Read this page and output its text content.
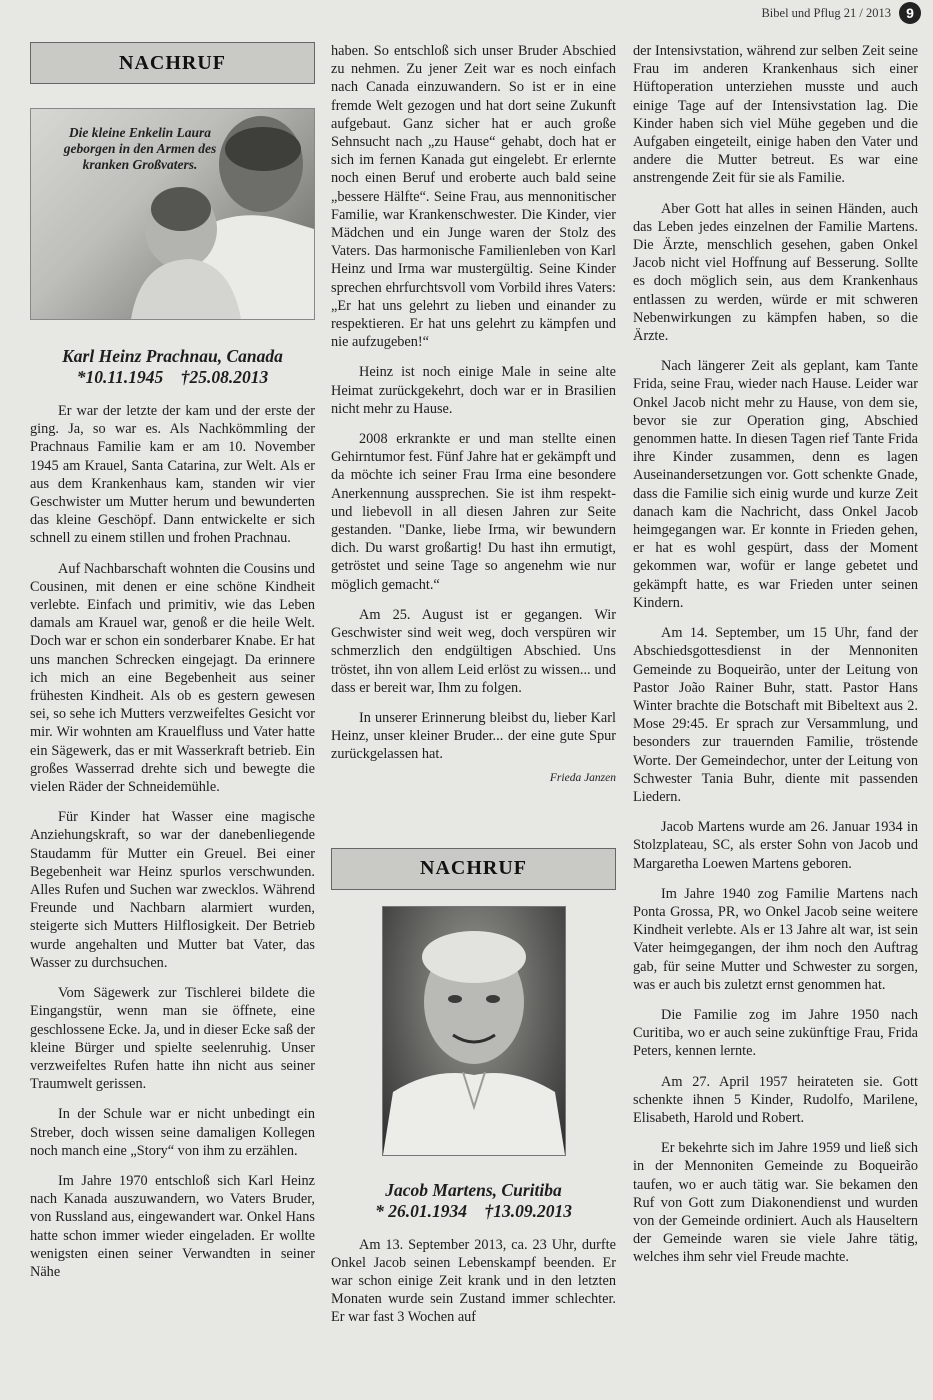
Bibel und Pflug 21 / 2013	9
NACHRUF
Die kleine Enkelin Laura geborgen in den Armen des kranken Großvaters.
Karl Heinz Prachnau, Canada
*10.11.1945    †25.08.2013

Er war der letzte der kam und der erste der ging. Ja, so war es. Als Nachkömmling der Prachnaus Familie kam er am 10. November 1945 am Krauel, Santa Catarina, zur Welt. Als er aus dem Krankenhaus kam, standen wir vier Geschwister um Mutter herum und bewunderten das kleine Geschöpf. Dann entwickelte er sich schnell zu einem stillen und frohen Prachnau.

Auf Nachbarschaft wohnten die Cousins und Cousinen, mit denen er eine schöne Kindheit verlebte. Einfach und primitiv, wie das Leben damals am Krauel war, genoß er die heile Welt. Doch war er schon ein sonderbarer Knabe. Er hat uns manchen Schrecken eingejagt. Da erinnere ich mich an eine Begebenheit aus seiner frühesten Kindheit. Als ob es gestern gewesen sei, so sehe ich Mutters verzweifeltes Gesicht vor mir. Wir wohnten am Krauelfluss und Vater hatte ein Sägewerk, das er mit Wasserkraft betrieb. Ein großes Wasserrad drehte sich und bewegte die vielen Räder der Schneidemühle.

Für Kinder hat Wasser eine magische Anziehungskraft, so war der danebenliegende Staudamm für Mutter ein Greuel. Bei einer Begebenheit war Heinz spurlos verschwunden. Alles Rufen und Suchen war zwecklos. Während Freunde und Nachbarn alarmiert wurden, steigerte sich Mutters Hilflosigkeit. Der Betrieb wurde angehalten und Mutter bat Vater, das Wasser zu durchsuchen.

Vom Sägewerk zur Tischlerei bildete die Eingangstür, wenn man sie öffnete, eine geschlossene Ecke. Ja, und in dieser Ecke saß der kleine Bürger und spielte seelenruhig. Unser verzweifeltes Rufen hatte ihn nicht aus seiner Traumwelt gerissen.

In der Schule war er nicht unbedingt ein Streber, doch wissen seine damaligen Kollegen noch manch eine „Story“ von ihm zu erzählen.

Im Jahre 1970 entschloß sich Karl Heinz nach Kanada auszuwandern, wo Vaters Bruder, von Russland aus, eingewandert war. Onkel Hans hatte schon immer wieder eingeladen. Er wollte wenigsten einen seiner Verwandten in seiner Nähe

haben. So entschloß sich unser Bruder Abschied zu nehmen. Zu jener Zeit war es noch einfach nach Canada einzuwandern. So ist er in eine fremde Welt gezogen und hat dort seine Zukunft aufgebaut. Ganz sicher hat er auch große Sehnsucht nach „zu Hause“ gehabt, doch hat er sich im fernen Kanada gut eingelebt. Er erlernte noch einen Beruf und eroberte auch bald seine „bessere Hälfte“. Seine Frau, aus mennonitischer Familie, war Krankenschwester. Die Kinder, vier Mädchen und ein Junge waren der Stolz des Vaters. Das harmonische Familienleben von Karl Heinz und Irma war mustergültig. Seine Kinder sprechen ehrfurchtsvoll vom Vorbild ihres Vaters: „Er hat uns gelehrt zu lieben und einander zu respektieren. Er hat uns gelehrt zu kämpfen und nie aufzugeben!“

Heinz ist noch einige Male in seine alte Heimat zurückgekehrt, doch war er in Brasilien nicht mehr zu Hause.

2008 erkrankte er und man stellte einen Gehirntumor fest. Fünf Jahre hat er gekämpft und da möchte ich seiner Frau Irma eine besondere Anerkennung aussprechen. Sie ist ihm respekt- und liebevoll in all diesen Jahren zur Seite gestanden. "Danke, liebe Irma, wir bewundern dich. Du warst großartig! Du hast ihn ermutigt, getröstet und seine Tage so angenehm wie nur möglich gemacht.“

Am 25. August ist er gegangen. Wir Geschwister sind weit weg, doch verspüren wir schmerzlich den endgültigen Abschied. Uns tröstet, ihn von allem Leid erlöst zu wissen... und dass er bereit war, Ihm zu folgen.

In unserer Erinnerung bleibst du, lieber Karl Heinz, unser kleiner Bruder... der eine gute Spur zurückgelassen hat.

Frieda Janzen
NACHRUF
Jacob Martens, Curitiba
* 26.01.1934    †13.09.2013

Am 13. September 2013, ca. 23 Uhr, durfte Onkel Jacob seinen Lebenskampf beenden. Er war schon einige Zeit krank und in den letzten Monaten wurde sein Zustand immer schlechter. Er war fast 3 Wochen auf

der Intensivstation, während zur selben Zeit seine Frau im anderen Krankenhaus sich einer Hüftoperation unterziehen musste und auch einige Tage auf der Intensivstation lag. Die Kinder haben sich viel Mühe gegeben und die Aufgaben eingeteilt, einige haben den Vater und andere die Mutter betreut. Es war eine anstrengende Zeit für sie als Familie.

Aber Gott hat alles in seinen Händen, auch das Leben jedes einzelnen der Familie Martens. Die Ärzte, menschlich gesehen, gaben Onkel Jacob nicht viel Hoffnung auf Besserung. Sollte es doch möglich sein, aus dem Krankenhaus entlassen zu werden, würde er mit schweren Nebenwirkungen zu kämpfen haben, so die Ärzte.

Nach längerer Zeit als geplant, kam Tante Frida, seine Frau, wieder nach Hause. Leider war Onkel Jacob nicht mehr zu Hause, von dem sie, bevor sie zur Operation ging, Abschied genommen hatte. In diesen Tagen rief Tante Frida ihre Kinder zusammen, denn es lagen Auseinandersetzungen vor. Gott schenkte Gnade, dass die Familie sich einig wurde und kurze Zeit danach kam die Nachricht, dass Onkel Jacob heimgegangen war. Er konnte in Frieden gehen, er hat es wohl gespürt, dass der Moment gekommen war, wofür er lange gebetet und gekämpft hatte, es war Frieden unter seinen Kindern.

Am 14. September, um 15 Uhr, fand der Abschiedsgottesdienst in der Mennoniten Gemeinde zu Boqueirão, unter der Leitung von Pastor João Rainer Buhr, statt. Pastor Hans Winter brachte die Botschaft mit Bibeltext aus 2. Mose 29:45. Er sprach zur Versammlung, und besonders zur trauernden Familie, tröstende Worte. Der Gemeindechor, unter der Leitung von Schwester Tania Buhr, diente mit passenden Liedern.

Jacob Martens wurde am 26. Januar 1934 in Stolzplateau, SC, als erster Sohn von Jacob und Margaretha Loewen Martens geboren.

Im Jahre 1940 zog Familie Martens nach Ponta Grossa, PR, wo Onkel Jacob seine weitere Kindheit verlebte. Als er 13 Jahre alt war, ist sein Vater heimgegangen, der ihm noch den Auftrag gab, für seine Mutter und Schwester zu sorgen, was er auch bis zuletzt ernst genommen hat.

Die Familie zog im Jahre 1950 nach Curitiba, wo er auch seine zukünftige Frau, Frida Peters, kennen lernte.

Am 27. April 1957 heirateten sie. Gott schenkte ihnen 5 Kinder, Rudolfo, Marilene, Elisabeth, Harold und Robert.

Er bekehrte sich im Jahre 1959 und ließ sich in der Mennoniten Gemeinde zu Boqueirão taufen, wo er auch tätig war. Sie bekamen den Ruf von Gott zum Diakonendienst und wurden von der Gemeinde ordiniert. Auch als Hauseltern der Gemeinde waren sie viele Jahre tätig, welches ihm sehr viel Freude machte.
